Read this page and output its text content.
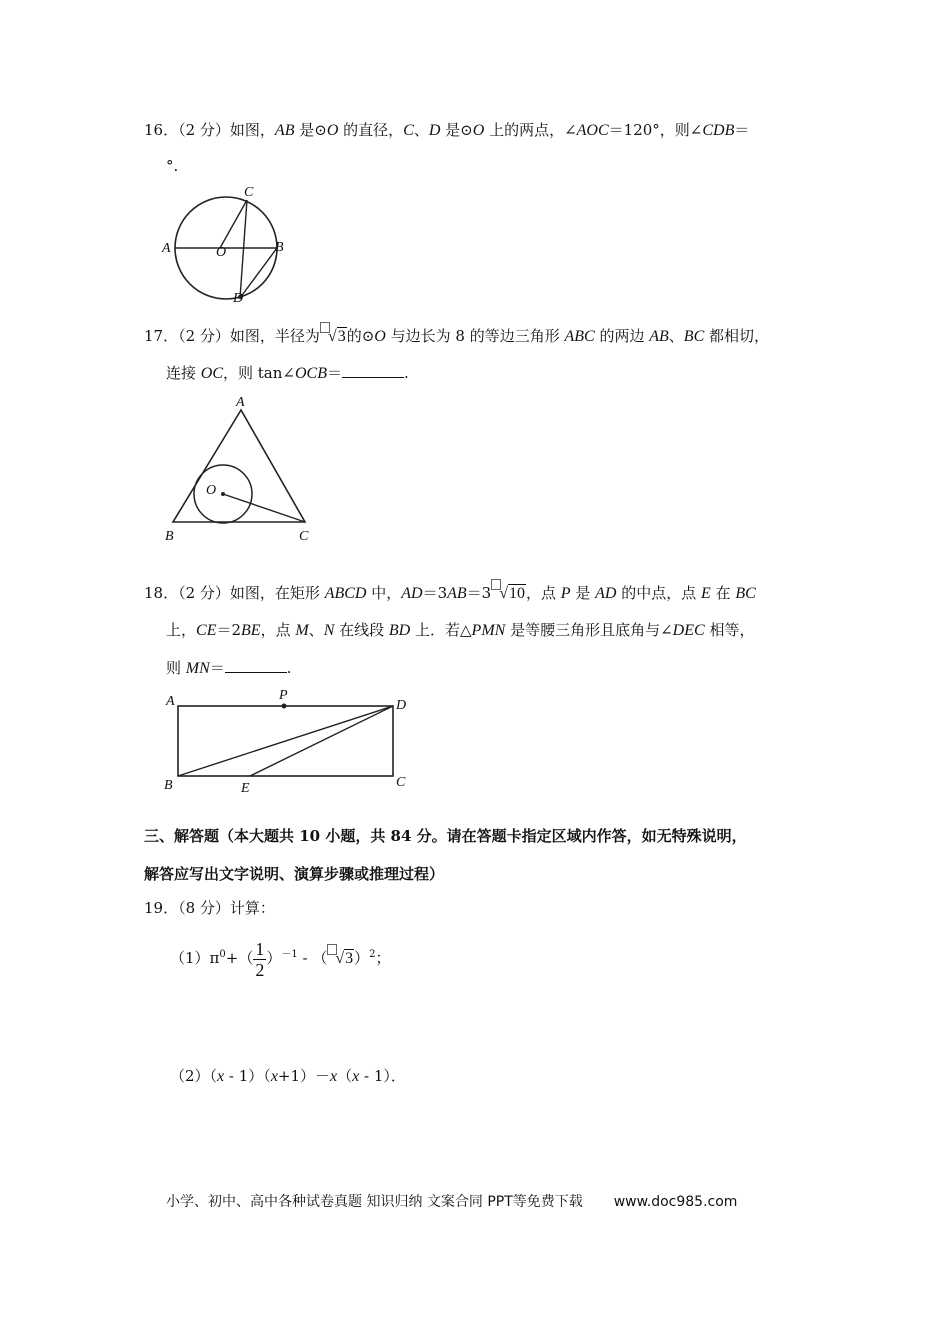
16．（2 分）如图，AB 是⊙O 的直径，C、D 是⊙O 上的两点，∠AOC＝120°，则∠CDB＝
°.
A	B
C
D
O
17．（2 分）如图，半径为 √3的⊙O 与边长为 8 的等边三角形 ABC 的两边 AB、BC 都相切，
连接 OC，则 tan∠OCB＝	.
A
B	C
O
18．（2 分）如图，在矩形 ABCD 中，AD＝3AB＝3 √10，点 P 是 AD 的中点，点 E 在 BC
上，CE＝2BE，点 M、N 在线段 BD 上．若△PMN 是等腰三角形且底角与∠DEC 相等，
则 MN＝	.
A	P
D
B	E	C
三、解答题（本大题共 10 小题，共 84 分。请在答题卡指定区域内作答，如无特殊说明，
解答应写出文字说明、演算步骤或推理过程）
19．（8 分）计算：
$(1)\pi^0+( \frac{1}{2} )^{-1}$ - （ √3）$^2$；
（2）（x - 1）（x+1）－x（x - 1）．
小学、初中、高中各种试卷真题 知识归纳 文案合同 PPT等免费下载 www.doc985.com
